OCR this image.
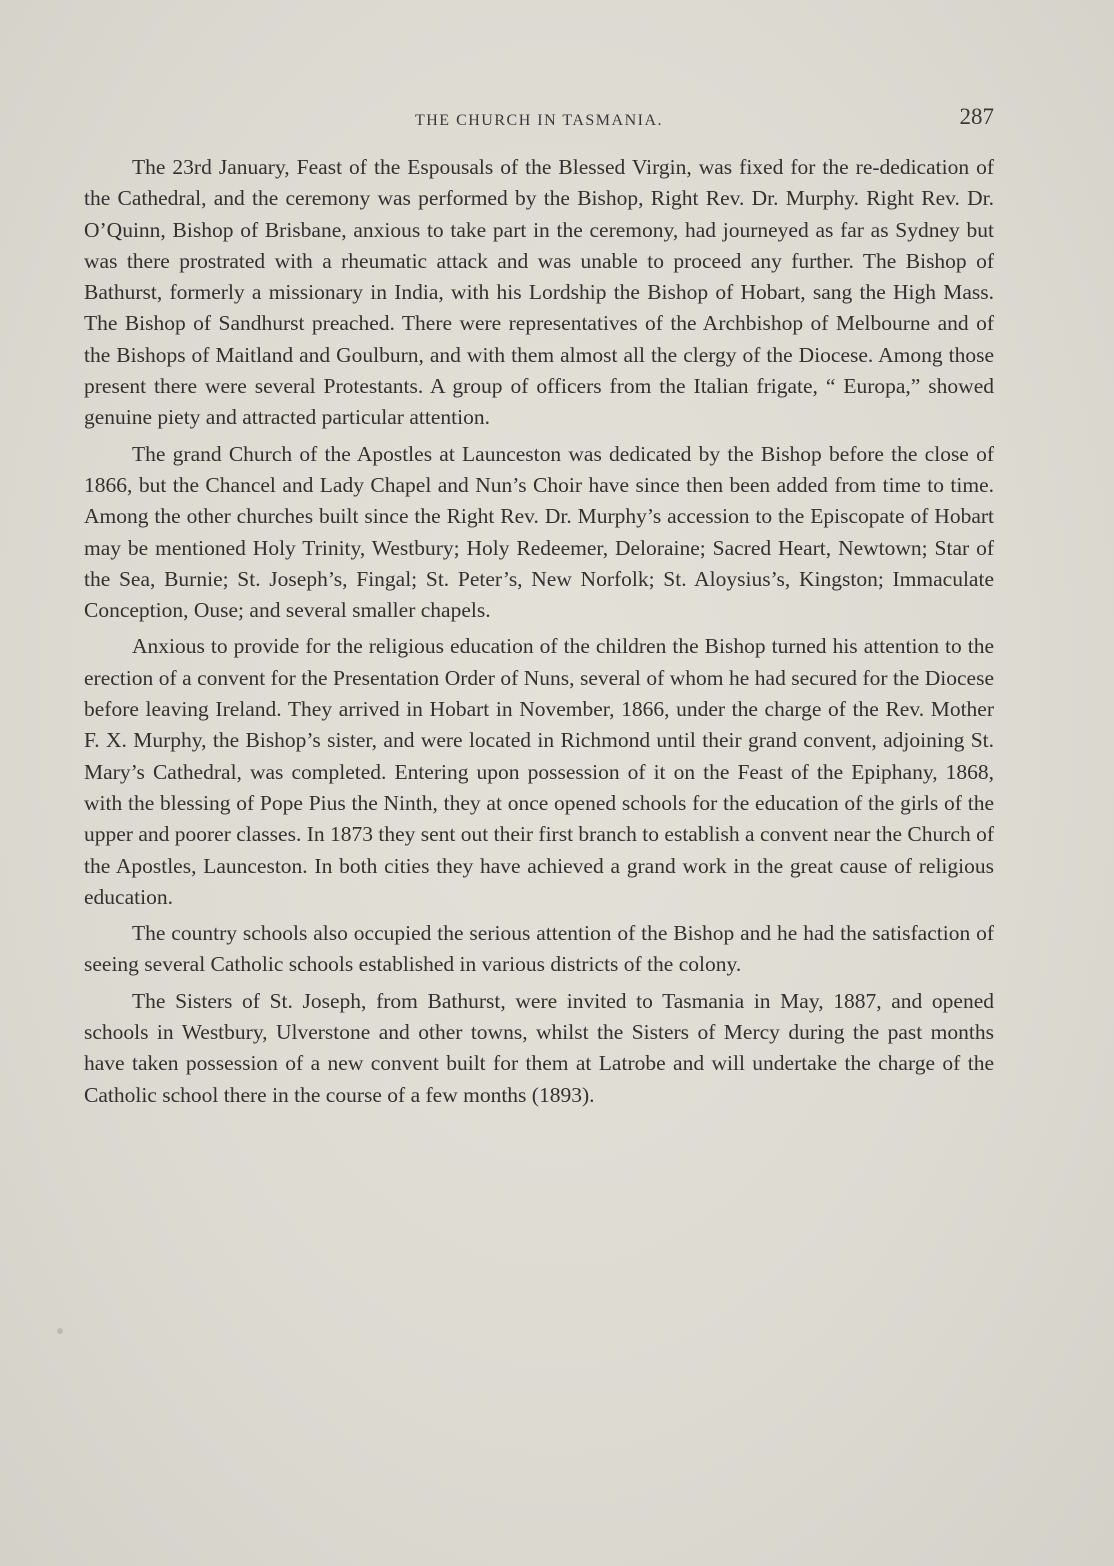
THE CHURCH IN TASMANIA.	287

The 23rd January, Feast of the Espousals of the Blessed Virgin, was fixed for the re-dedication of the Cathedral, and the ceremony was performed by the Bishop, Right Rev. Dr. Murphy. Right Rev. Dr. O’Quinn, Bishop of Brisbane, anxious to take part in the ceremony, had journeyed as far as Sydney but was there prostrated with a rheumatic attack and was unable to proceed any further. The Bishop of Bathurst, formerly a missionary in India, with his Lordship the Bishop of Hobart, sang the High Mass. The Bishop of Sandhurst preached. There were representatives of the Archbishop of Melbourne and of the Bishops of Maitland and Goulburn, and with them almost all the clergy of the Diocese. Among those present there were several Protestants. A group of officers from the Italian frigate, “ Europa,” showed genuine piety and attracted particular attention.

The grand Church of the Apostles at Launceston was dedicated by the Bishop before the close of 1866, but the Chancel and Lady Chapel and Nun’s Choir have since then been added from time to time. Among the other churches built since the Right Rev. Dr. Murphy’s accession to the Episcopate of Hobart may be mentioned Holy Trinity, Westbury; Holy Redeemer, Deloraine; Sacred Heart, Newtown; Star of the Sea, Burnie; St. Joseph’s, Fingal; St. Peter’s, New Norfolk; St. Aloysius’s, Kingston; Immaculate Conception, Ouse; and several smaller chapels.

Anxious to provide for the religious education of the children the Bishop turned his attention to the erection of a convent for the Presentation Order of Nuns, several of whom he had secured for the Diocese before leaving Ireland. They arrived in Hobart in November, 1866, under the charge of the Rev. Mother F. X. Murphy, the Bishop’s sister, and were located in Richmond until their grand convent, adjoining St. Mary’s Cathedral, was completed. Entering upon possession of it on the Feast of the Epiphany, 1868, with the blessing of Pope Pius the Ninth, they at once opened schools for the education of the girls of the upper and poorer classes. In 1873 they sent out their first branch to establish a convent near the Church of the Apostles, Launceston. In both cities they have achieved a grand work in the great cause of religious education.

The country schools also occupied the serious attention of the Bishop and he had the satisfaction of seeing several Catholic schools established in various districts of the colony.

The Sisters of St. Joseph, from Bathurst, were invited to Tasmania in May, 1887, and opened schools in Westbury, Ulverstone and other towns, whilst the Sisters of Mercy during the past months have taken possession of a new convent built for them at Latrobe and will undertake the charge of the Catholic school there in the course of a few months (1893).
